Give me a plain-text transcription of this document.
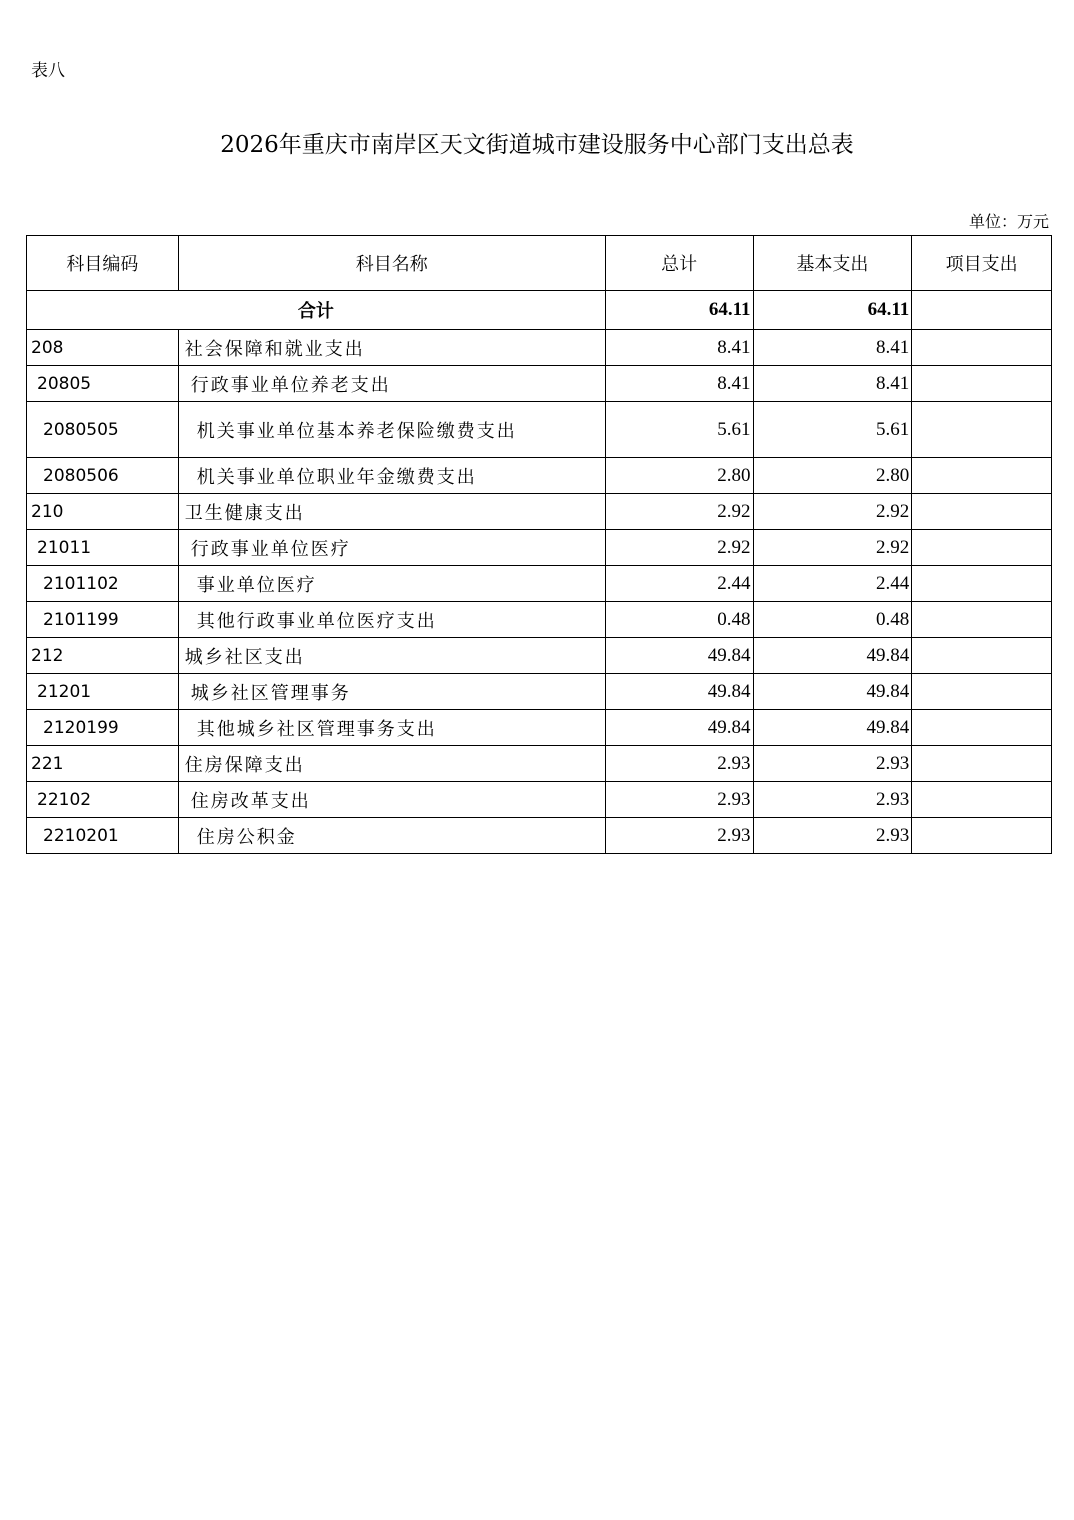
表八
2026年重庆市南岸区天文街道城市建设服务中心部门支出总表
单位：万元
科目编码	科目名称	总计	基本支出	项目支出
合计		64.11	64.11	
208	社会保障和就业支出	8.41	8.41	
20805	行政事业单位养老支出	8.41	8.41	
2080505	机关事业单位基本养老保险缴费支出	5.61	5.61	
2080506	机关事业单位职业年金缴费支出	2.80	2.80	
210	卫生健康支出	2.92	2.92	
21011	行政事业单位医疗	2.92	2.92	
2101102	事业单位医疗	2.44	2.44	
2101199	其他行政事业单位医疗支出	0.48	0.48	
212	城乡社区支出	49.84	49.84	
21201	城乡社区管理事务	49.84	49.84	
2120199	其他城乡社区管理事务支出	49.84	49.84	
221	住房保障支出	2.93	2.93	
22102	住房改革支出	2.93	2.93	
2210201	住房公积金	2.93	2.93	
